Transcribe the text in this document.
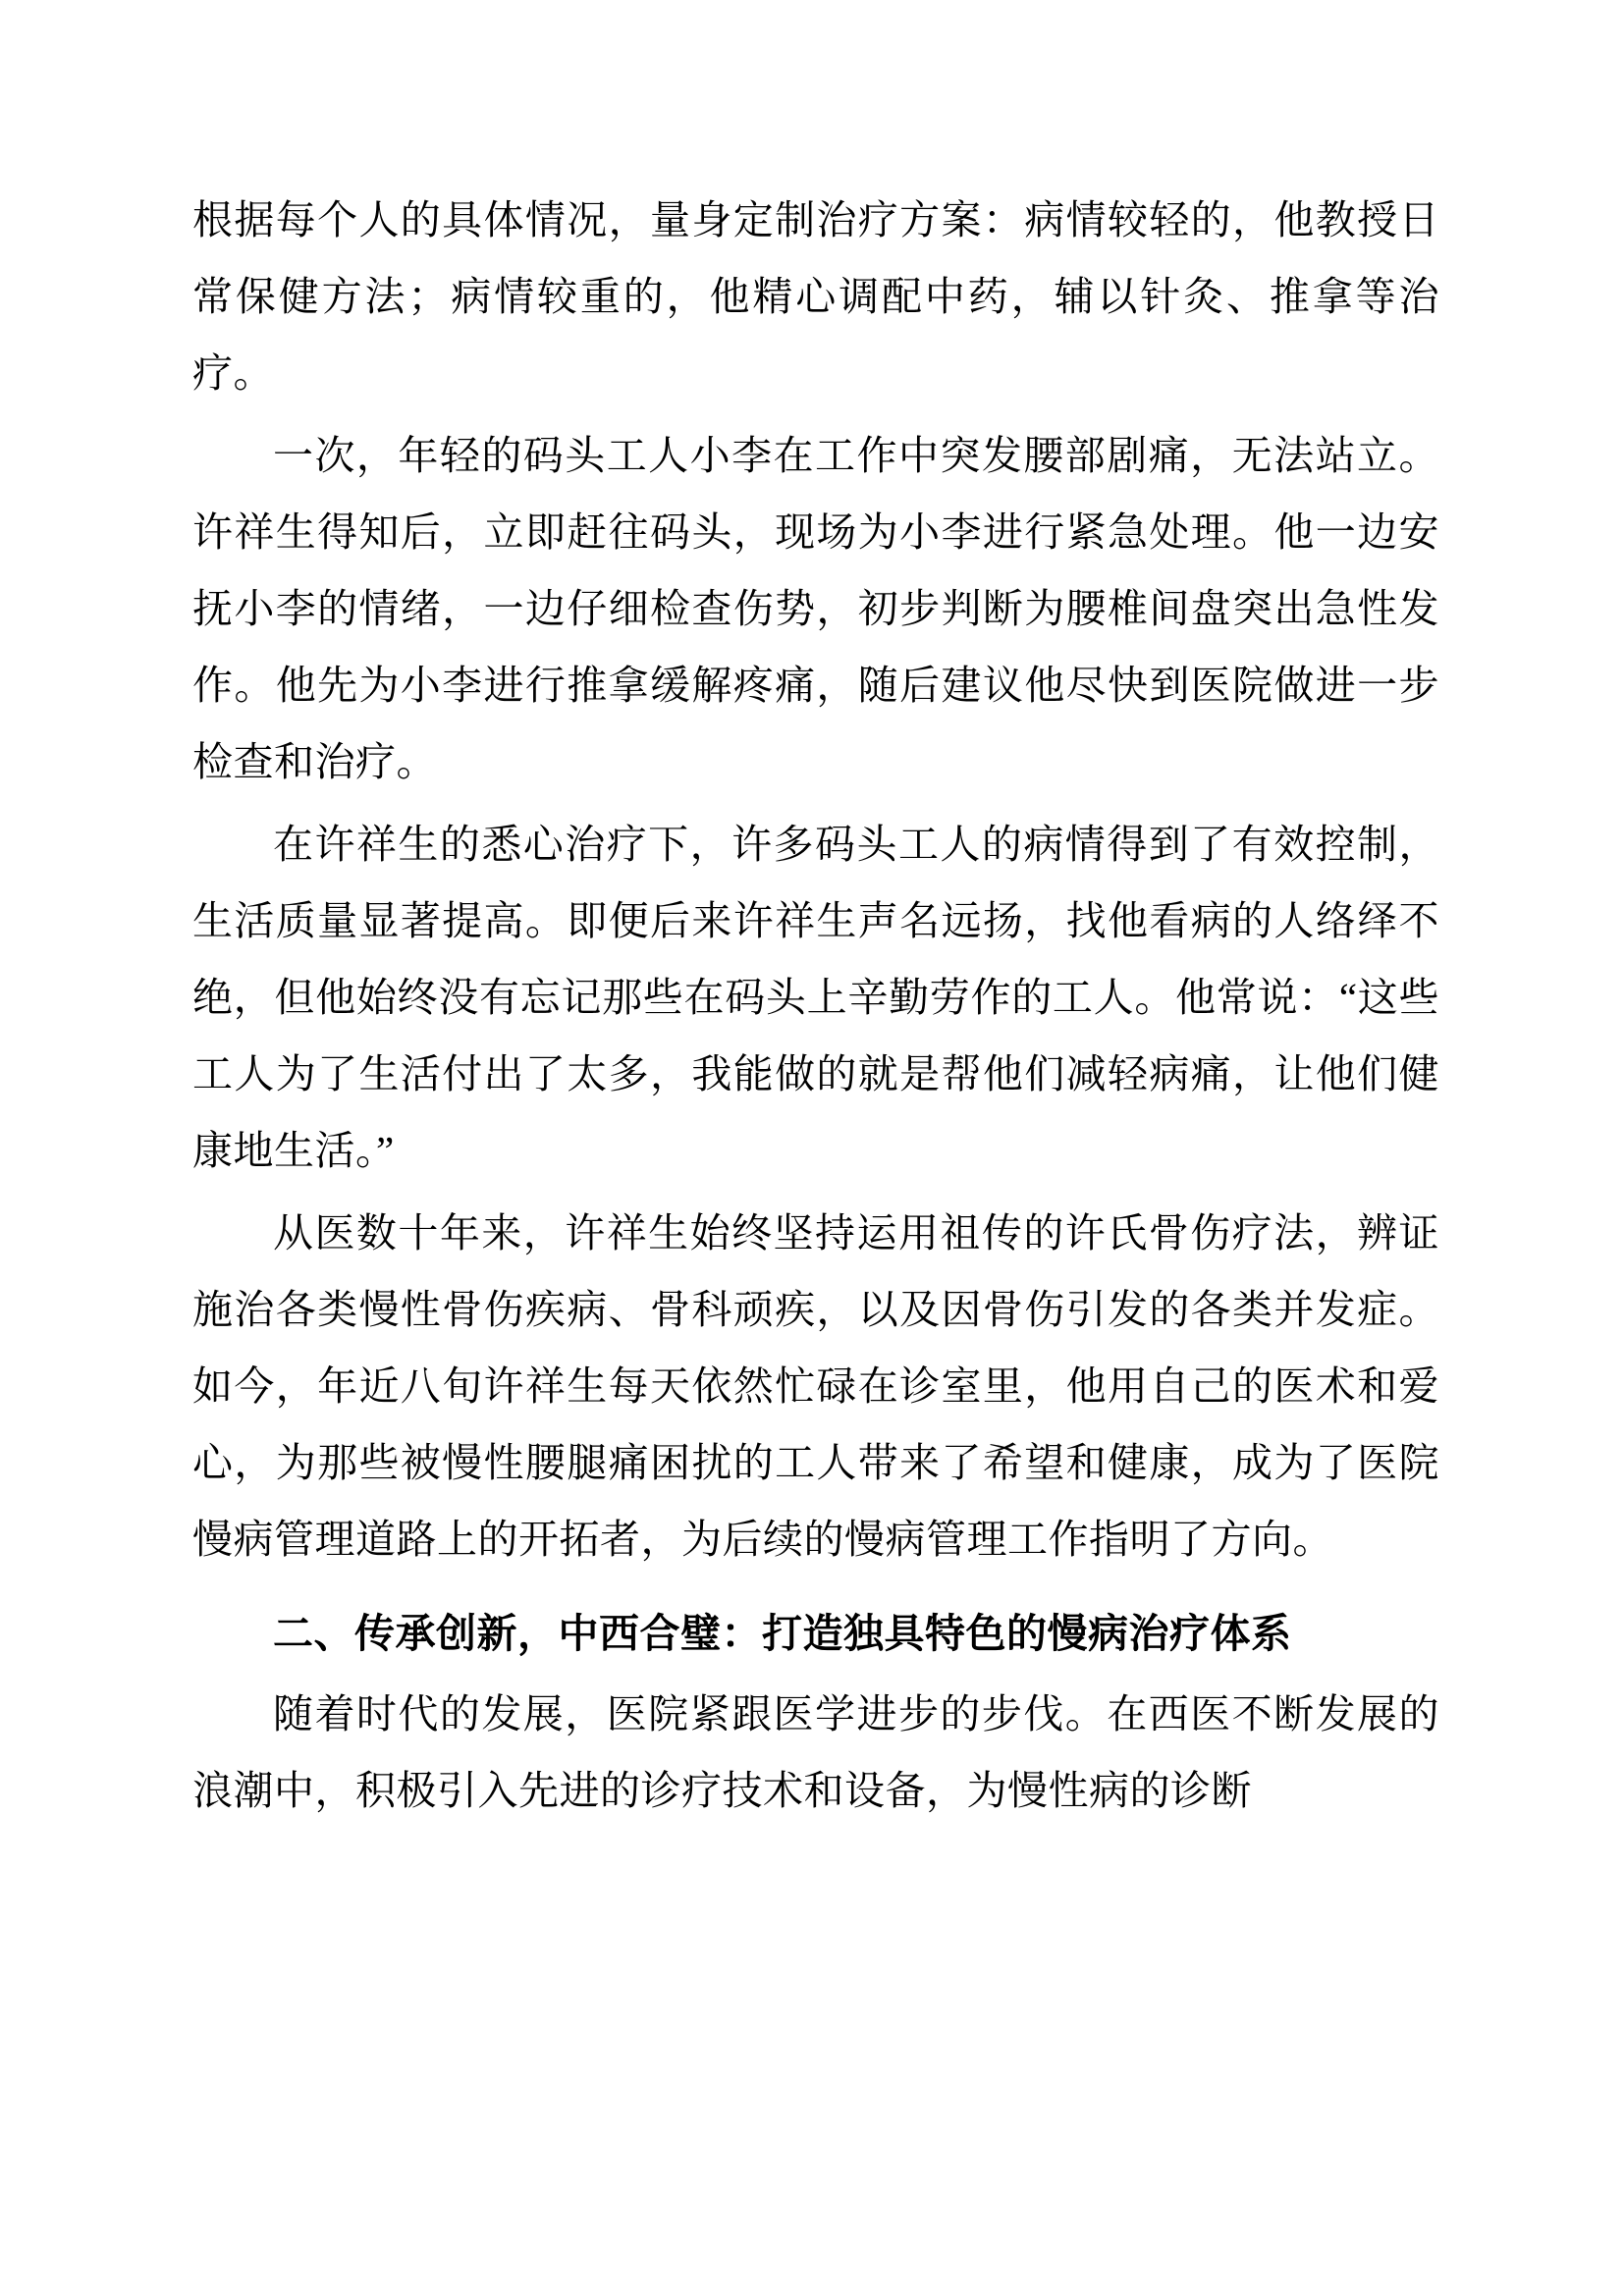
根据每个人的具体情况，量身定制治疗方案：病情较轻的，他教授日常保健方法；病情较重的，他精心调配中药，辅以针灸、推拿等治疗。

一次，年轻的码头工人小李在工作中突发腰部剧痛，无法站立。许祥生得知后，立即赶往码头，现场为小李进行紧急处理。他一边安抚小李的情绪，一边仔细检查伤势，初步判断为腰椎间盘突出急性发作。他先为小李进行推拿缓解疼痛，随后建议他尽快到医院做进一步检查和治疗。

在许祥生的悉心治疗下，许多码头工人的病情得到了有效控制，生活质量显著提高。即便后来许祥生声名远扬，找他看病的人络绎不绝，但他始终没有忘记那些在码头上辛勤劳作的工人。他常说：“这些工人为了生活付出了太多，我能做的就是帮他们减轻病痛，让他们健康地生活。”

从医数十年来，许祥生始终坚持运用祖传的许氏骨伤疗法，辨证施治各类慢性骨伤疾病、骨科顽疾，以及因骨伤引发的各类并发症。如今，年近八旬许祥生每天依然忙碌在诊室里，他用自己的医术和爱心，为那些被慢性腰腿痛困扰的工人带来了希望和健康，成为了医院慢病管理道路上的开拓者，为后续的慢病管理工作指明了方向。

二、传承创新，中西合璧：打造独具特色的慢病治疗体系

随着时代的发展，医院紧跟医学进步的步伐。在西医不断发展的浪潮中，积极引入先进的诊疗技术和设备，为慢性病的诊断
